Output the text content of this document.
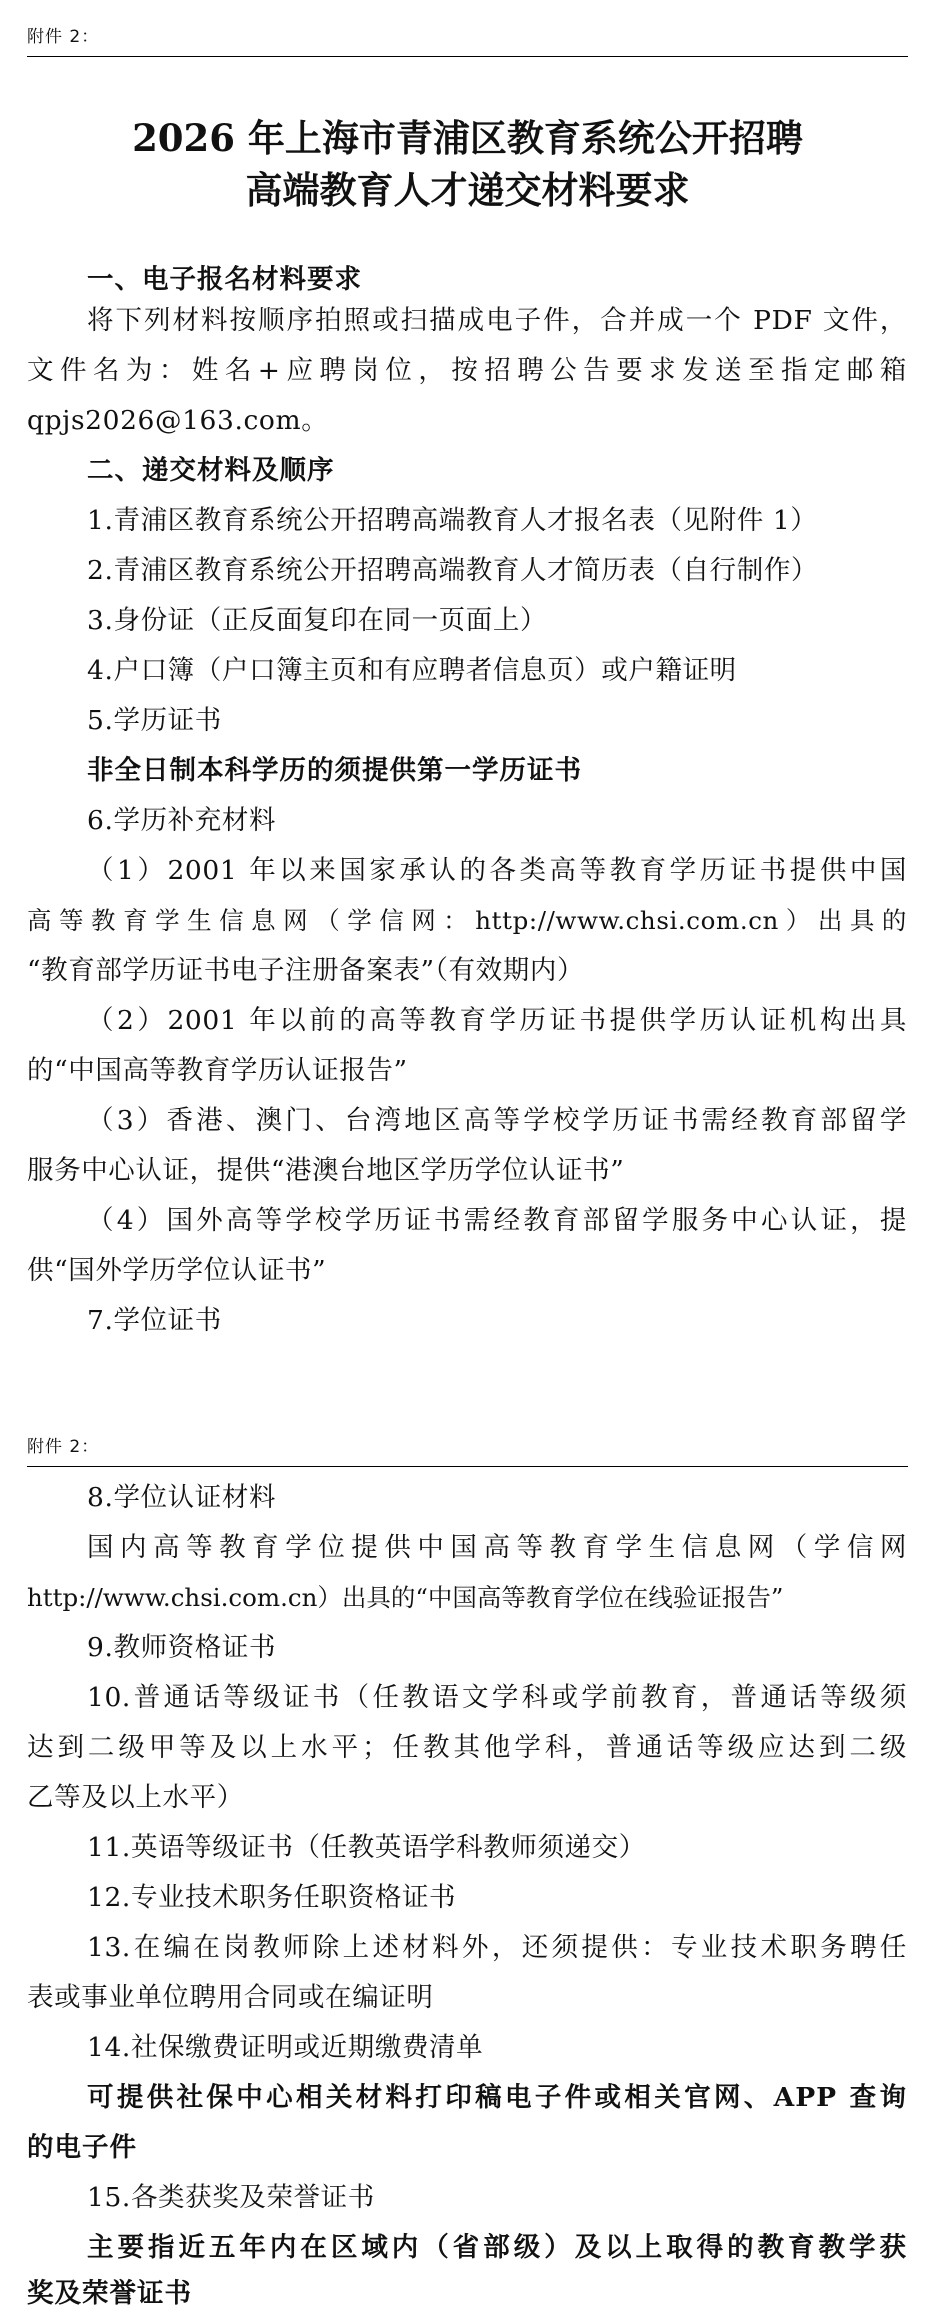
附件 2：
2026 年上海市青浦区教育系统公开招聘
高端教育人才递交材料要求
一、电子报名材料要求
将下列材料按顺序拍照或扫描成电子件，合并成一个 PDF 文件，
文件名为：姓名+应聘岗位，按招聘公告要求发送至指定邮箱
qpjs2026@163.com。
二、递交材料及顺序
1.青浦区教育系统公开招聘高端教育人才报名表（见附件 1）
2.青浦区教育系统公开招聘高端教育人才简历表（自行制作）
3.身份证（正反面复印在同一页面上）
4.户口簿（户口簿主页和有应聘者信息页）或户籍证明
5.学历证书
非全日制本科学历的须提供第一学历证书
6.学历补充材料
（1）2001 年以来国家承认的各类高等教育学历证书提供中国
高等教育学生信息网（学信网：http://www.chsi.com.cn）出具的
“教育部学历证书电子注册备案表”（有效期内）
（2）2001 年以前的高等教育学历证书提供学历认证机构出具
的“中国高等教育学历认证报告”
（3）香港、澳门、台湾地区高等学校学历证书需经教育部留学
服务中心认证，提供“港澳台地区学历学位认证书”
（4）国外高等学校学历证书需经教育部留学服务中心认证，提
供“国外学历学位认证书”
7.学位证书
附件 2：
8.学位认证材料
国内高等教育学位提供中国高等教育学生信息网（学信网
http://www.chsi.com.cn）出具的“中国高等教育学位在线验证报告”
9.教师资格证书
10.普通话等级证书（任教语文学科或学前教育，普通话等级须
达到二级甲等及以上水平；任教其他学科，普通话等级应达到二级
乙等及以上水平）
11.英语等级证书（任教英语学科教师须递交）
12.专业技术职务任职资格证书
13.在编在岗教师除上述材料外，还须提供：专业技术职务聘任
表或事业单位聘用合同或在编证明
14.社保缴费证明或近期缴费清单
可提供社保中心相关材料打印稿电子件或相关官网、APP 查询
的电子件
15.各类获奖及荣誉证书
主要指近五年内在区域内（省部级）及以上取得的教育教学获
奖及荣誉证书
